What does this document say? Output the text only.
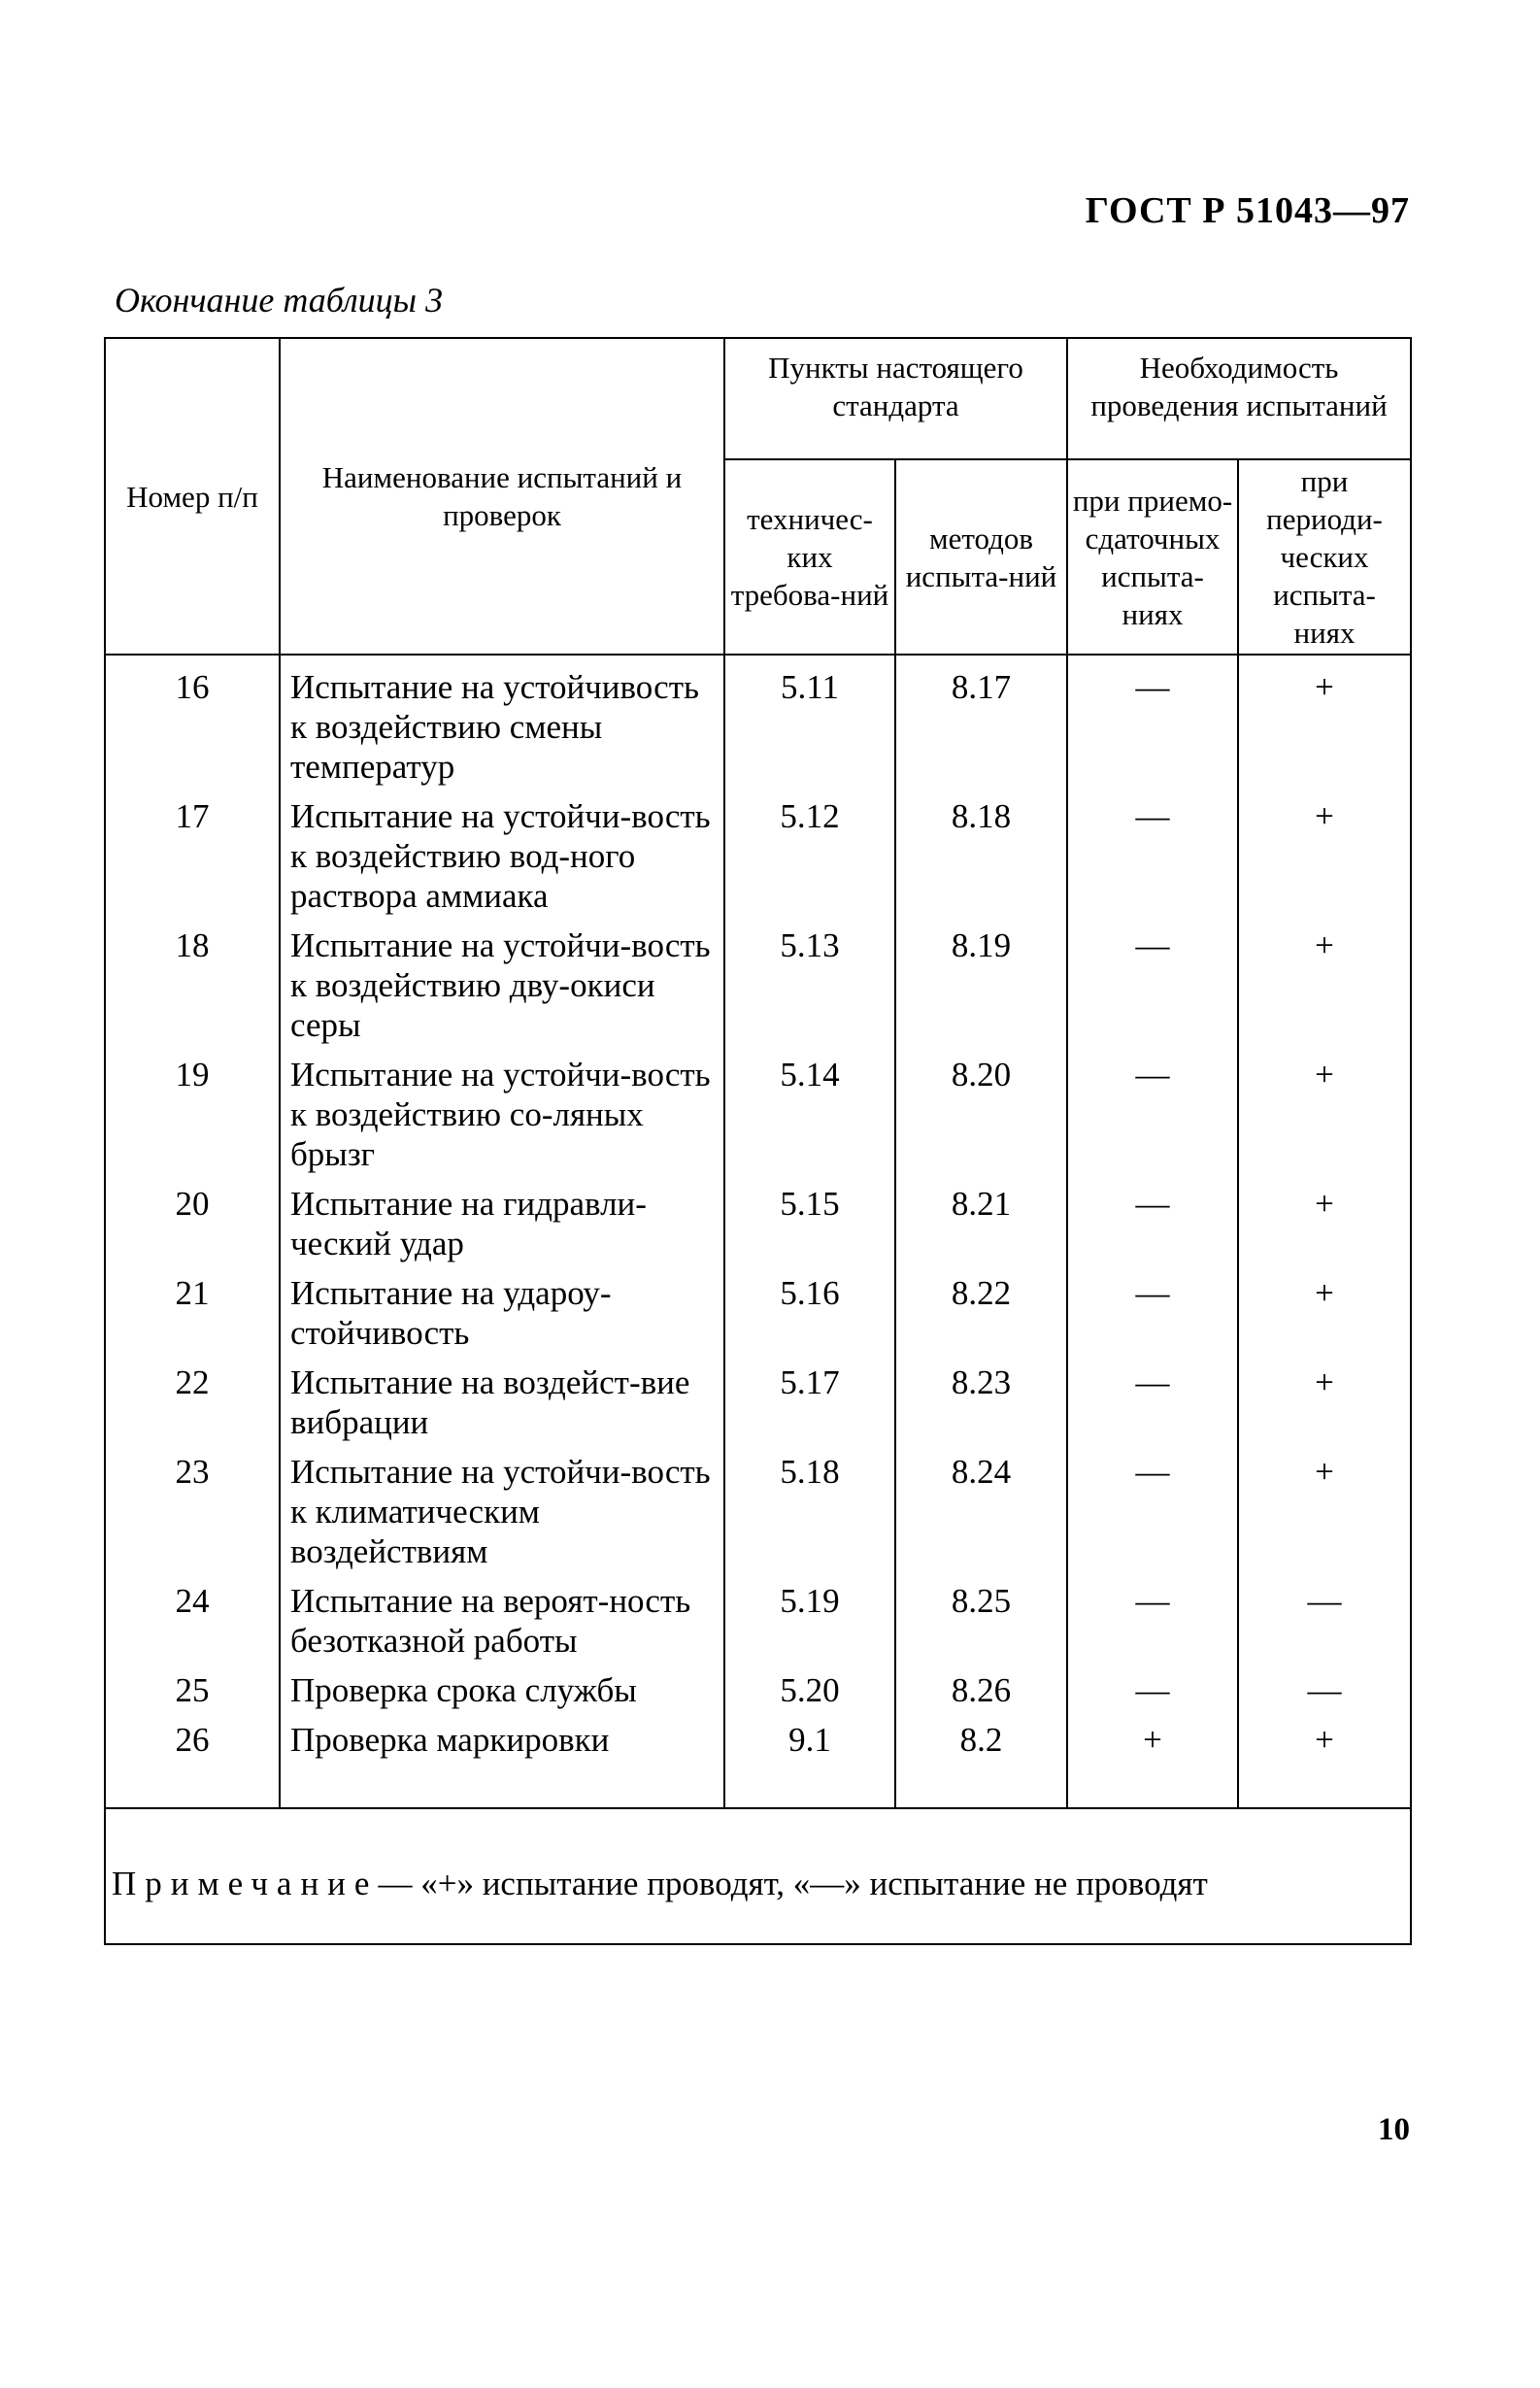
ГОСТ Р 51043—97
Окончание таблицы 3
Номер п/п	Наименование испытаний и проверок	Пункты настоящего стандарта		Необходимость проведения испытаний	
		техничес-ких требова-ний	методов испыта-ний	при приемо-сдаточных испыта-ниях	при периоди-ческих испыта-ниях
16	Испытание на устойчивость к воздействию смены температур	5.11	8.17	—	+
17	Испытание на устойчи-вость к воздействию вод-ного раствора аммиака	5.12	8.18	—	+
18	Испытание на устойчи-вость к воздействию дву-окиси серы	5.13	8.19	—	+
19	Испытание на устойчи-вость к воздействию со-ляных брызг	5.14	8.20	—	+
20	Испытание на гидравли-ческий удар	5.15	8.21	—	+
21	Испытание на удароу-стойчивость	5.16	8.22	—	+
22	Испытание на воздейст-вие вибрации	5.17	8.23	—	+
23	Испытание на устойчи-вость к климатическим воздействиям	5.18	8.24	—	+
24	Испытание на вероят-ность безотказной работы	5.19	8.25	—	—
25	Проверка срока службы	5.20	8.26	—	—
26	Проверка маркировки	9.1	8.2	+	+

Примечание— «+» испытание проводят, «—» испытание не проводят					
10
